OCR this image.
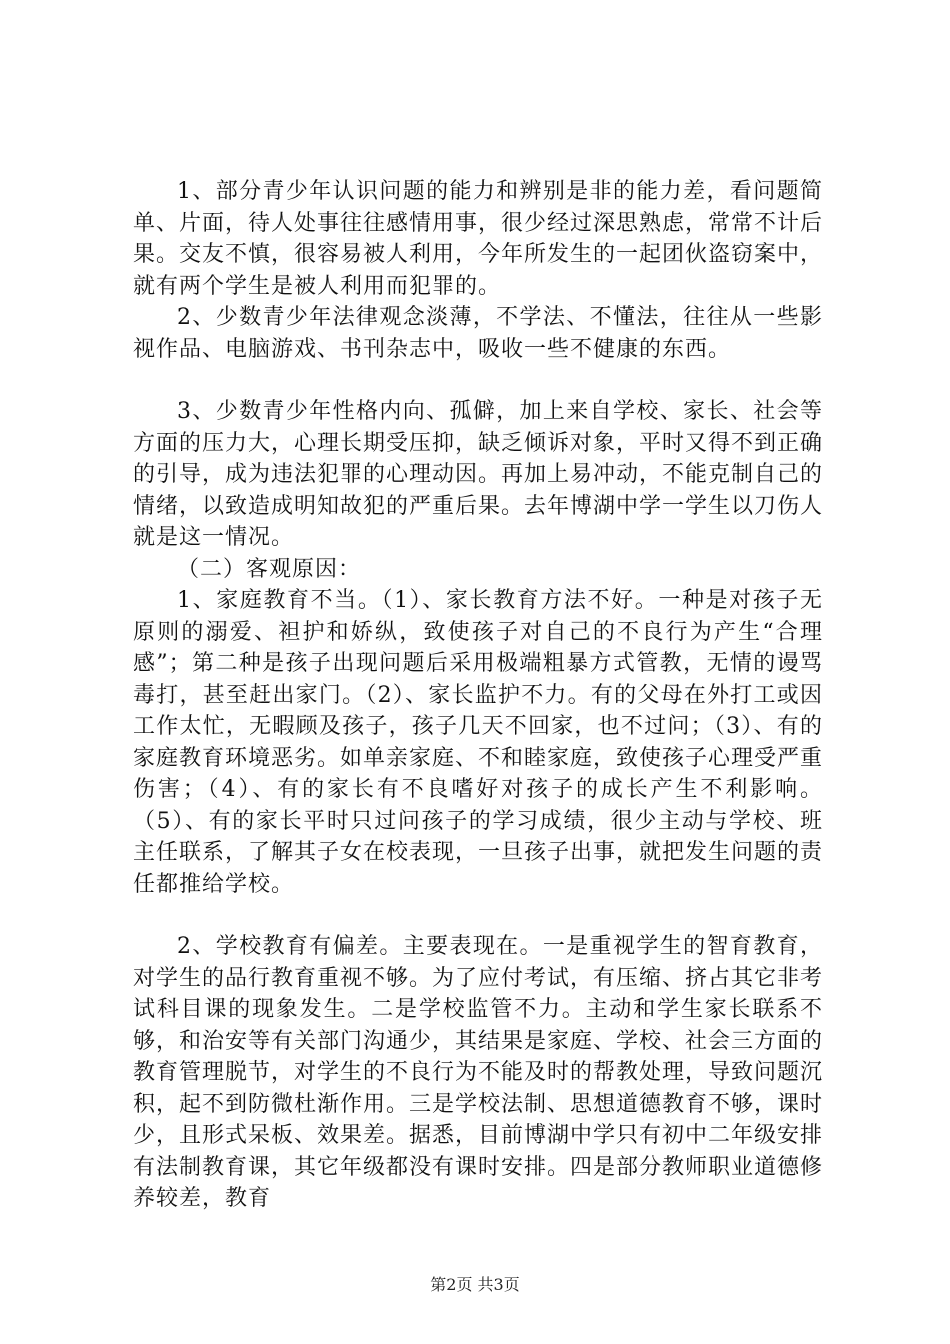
1、部分青少年认识问题的能力和辨别是非的能力差，看问题简单、片面，待人处事往往感情用事，很少经过深思熟虑，常常不计后果。交友不慎，很容易被人利用，今年所发生的一起团伙盗窃案中，就有两个学生是被人利用而犯罪的。

2、少数青少年法律观念淡薄，不学法、不懂法，往往从一些影视作品、电脑游戏、书刊杂志中，吸收一些不健康的东西。

3、少数青少年性格内向、孤僻，加上来自学校、家长、社会等方面的压力大，心理长期受压抑，缺乏倾诉对象，平时又得不到正确的引导，成为违法犯罪的心理动因。再加上易冲动，不能克制自己的情绪，以致造成明知故犯的严重后果。去年博湖中学一学生以刀伤人就是这一情况。

（二）客观原因：

1、家庭教育不当。（1）、家长教育方法不好。一种是对孩子无原则的溺爱、袒护和娇纵，致使孩子对自己的不良行为产生“合理感”；第二种是孩子出现问题后采用极端粗暴方式管教，无情的谩骂毒打，甚至赶出家门。（2）、家长监护不力。有的父母在外打工或因工作太忙，无暇顾及孩子，孩子几天不回家，也不过问；（3）、有的家庭教育环境恶劣。如单亲家庭、不和睦家庭，致使孩子心理受严重伤害；（4）、有的家长有不良嗜好对孩子的成长产生不利影响。（5）、有的家长平时只过问孩子的学习成绩，很少主动与学校、班主任联系，了解其子女在校表现，一旦孩子出事，就把发生问题的责任都推给学校。

2、学校教育有偏差。主要表现在。一是重视学生的智育教育，对学生的品行教育重视不够。为了应付考试，有压缩、挤占其它非考试科目课的现象发生。二是学校监管不力。主动和学生家长联系不够，和治安等有关部门沟通少，其结果是家庭、学校、社会三方面的教育管理脱节，对学生的不良行为不能及时的帮教处理，导致问题沉积，起不到防微杜渐作用。三是学校法制、思想道德教育不够，课时少，且形式呆板、效果差。据悉，目前博湖中学只有初中二年级安排有法制教育课，其它年级都没有课时安排。四是部分教师职业道德修养较差，教育

第2页 共3页
